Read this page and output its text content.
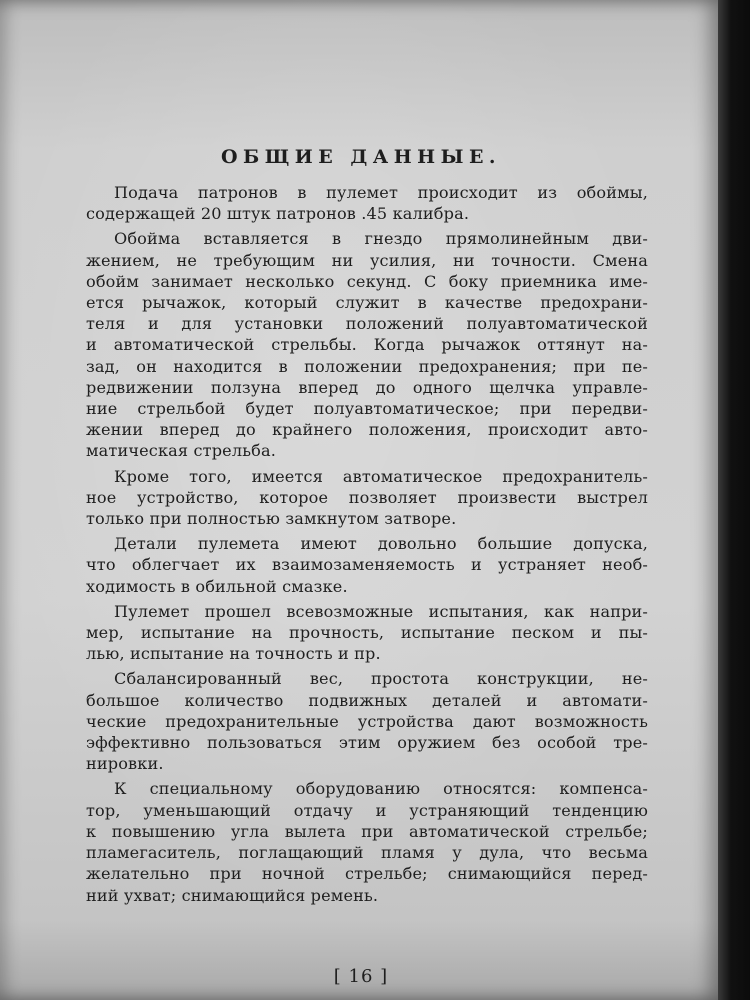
ОБЩИЕ ДАННЫЕ.

Подача патронов в пулемет происходит из обоймы,
содержащей 20 штук патронов .45 калибра.

Обойма вставляется в гнездо прямолинейным дви-
жением, не требующим ни усилия, ни точности. Смена
обойм занимает несколько секунд. С боку приемника име-
ется рычажок, который служит в качестве предохрани-
теля и для установки положений полуавтоматической
и автоматической стрельбы. Когда рычажок оттянут на-
зад, он находится в положении предохранения; при пе-
редвижении ползуна вперед до одного щелчка управле-
ние стрельбой будет полуавтоматическое; при передви-
жении вперед до крайнего положения, происходит авто-
матическая стрельба.

Кроме того, имеется автоматическое предохранитель-
ное устройство, которое позволяет произвести выстрел
только при полностью замкнутом затворе.

Детали пулемета имеют довольно большие допуска,
что облегчает их взаимозаменяемость и устраняет необ-
ходимость в обильной смазке.

Пулемет прошел всевозможные испытания, как напри-
мер, испытание на прочность, испытание песком и пы-
лью, испытание на точность и пр.

Сбалансированный вес, простота конструкции, не-
большое количество подвижных деталей и автомати-
ческие предохранительные устройства дают возможность
эффективно пользоваться этим оружием без особой тре-
нировки.

К специальному оборудованию относятся: компенса-
тор, уменьшающий отдачу и устраняющий тенденцию
к повышению угла вылета при автоматической стрельбе;
пламегаситель, поглащающий пламя у дула, что весьма
желательно при ночной стрельбе; снимающийся перед-
ний ухват; снимающийся ремень.

[ 16 ]
